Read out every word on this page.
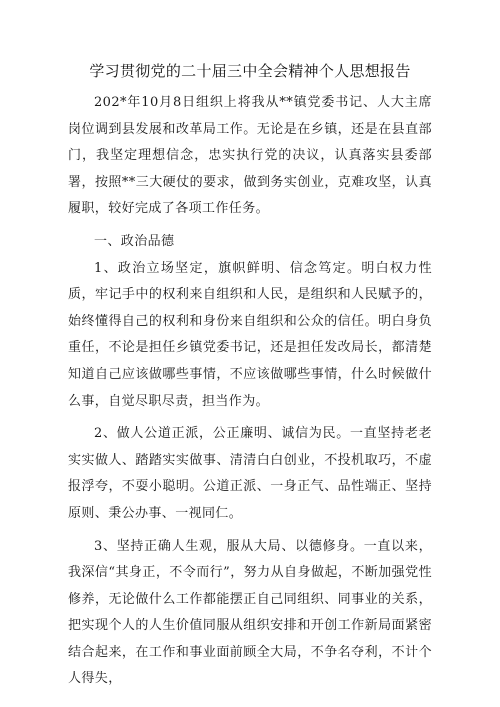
学习贯彻党的二十届三中全会精神个人思想报告

202*年10月8日组织上将我从**镇党委书记、人大主席岗位调到县发展和改革局工作。无论是在乡镇，还是在县直部门，我坚定理想信念，忠实执行党的决议，认真落实县委部署，按照**三大硬仗的要求，做到务实创业，克难攻坚，认真履职，较好完成了各项工作任务。

一、政治品德

1、政治立场坚定，旗帜鲜明、信念笃定。明白权力性质，牢记手中的权利来自组织和人民，是组织和人民赋予的，始终懂得自己的权利和身份来自组织和公众的信任。明白身负重任，不论是担任乡镇党委书记，还是担任发改局长，都清楚知道自己应该做哪些事情，不应该做哪些事情，什么时候做什么事，自觉尽职尽责，担当作为。

2、做人公道正派，公正廉明、诚信为民。一直坚持老老实实做人、踏踏实实做事、清清白白创业，不投机取巧，不虚报浮夸，不耍小聪明。公道正派、一身正气、品性端正、坚持原则、秉公办事、一视同仁。

3、坚持正确人生观，服从大局、以德修身。一直以来，我深信“其身正，不令而行”，努力从自身做起，不断加强党性修养，无论做什么工作都能摆正自己同组织、同事业的关系，把实现个人的人生价值同服从组织安排和开创工作新局面紧密结合起来，在工作和事业面前顾全大局，不争名夺利，不计个人得失，
